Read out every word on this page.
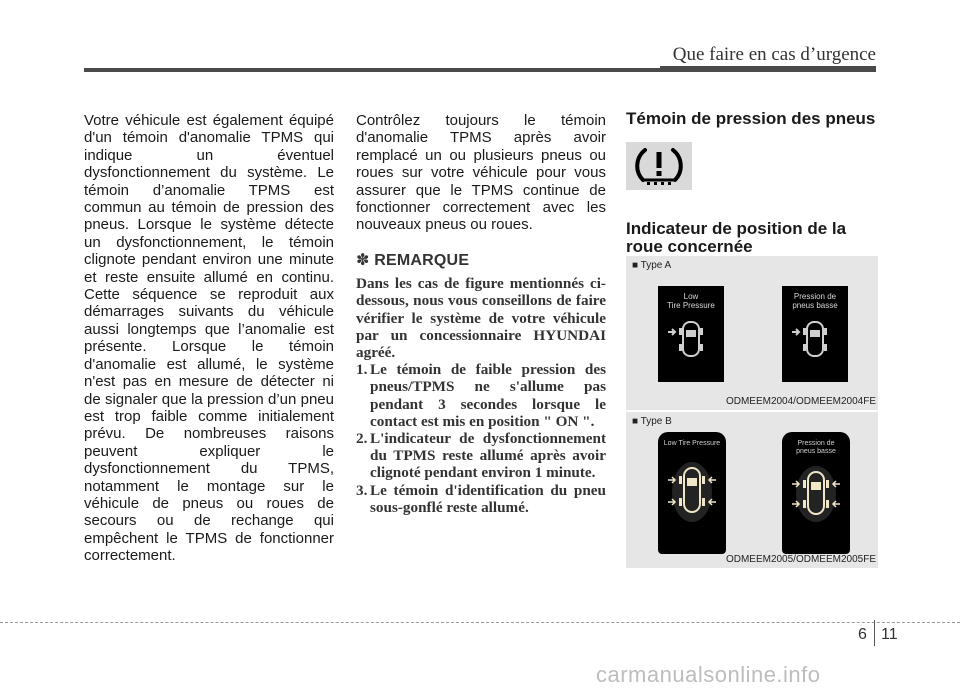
Que faire en cas d’urgence

Votre véhicule est également équipé d'un témoin d'anomalie TPMS qui indique un éventuel dysfonctionnement du système. Le témoin d’anomalie TPMS est commun au témoin de pression des pneus. Lorsque le système détecte un dysfonctionnement, le témoin clignote pendant environ une minute et reste ensuite allumé en continu. Cette séquence se reproduit aux démarrages suivants du véhicule aussi longtemps que l’anomalie est présente. Lorsque le témoin d'anomalie est allumé, le système n'est pas en mesure de détecter ni de signaler que la pression d’un pneu est trop faible comme initialement prévu. De nombreuses raisons peuvent expliquer le dysfonctionnement du TPMS, notamment le montage sur le véhicule de pneus ou roues de secours ou de rechange qui empêchent le TPMS de fonctionner correctement.

Contrôlez toujours le témoin d'anomalie TPMS après avoir remplacé un ou plusieurs pneus ou roues sur votre véhicule pour vous assurer que le TPMS continue de fonctionner correctement avec les nouveaux pneus ou roues.

✽ REMARQUE

Dans les cas de figure mentionnés ci-dessous, nous vous conseillons de faire vérifier le système de votre véhicule par un concessionnaire HYUNDAI agréé.

1. Le témoin de faible pression des pneus/TPMS ne s'allume pas pendant 3 secondes lorsque le contact est mis en position " ON ".
2. L'indicateur de dysfonctionnement du TPMS reste allumé après avoir clignoté pendant environ 1 minute.
3. Le témoin d'identification du pneu sous-gonflé reste allumé.
Témoin de pression des pneus
Indicateur de position de la roue concernée
■ Type A
Low
Tire Pressure
Pression de
pneus basse
ODMEEM2004/ODMEEM2004FE
■ Type B
Low Tire Pressure	Pression de
pneus basse
ODMEEM2005/ODMEEM2005FE
6 11
carmanualsonline.info
